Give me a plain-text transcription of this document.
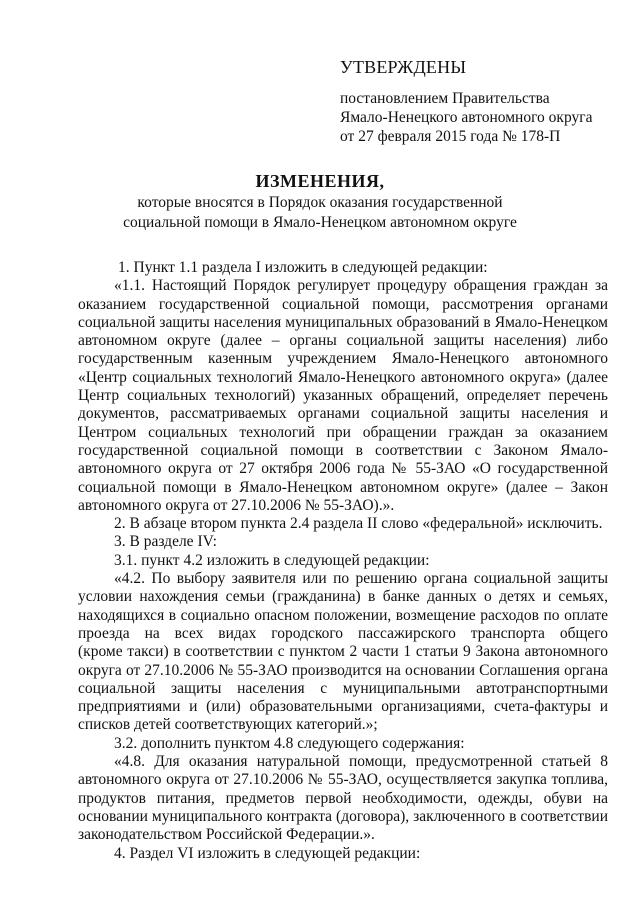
УТВЕРЖДЕНЫ
постановлением Правительства
Ямало-Ненецкого автономного округа
от 27 февраля 2015 года № 178-П
ИЗМЕНЕНИЯ,
которые вносятся в Порядок оказания государственной
социальной помощи в Ямало-Ненецком автономном округе
1. Пункт 1.1 раздела I изложить в следующей редакции:
«1.1. Настоящий Порядок регулирует процедуру обращения граждан за
оказанием государственной социальной помощи, рассмотрения органами
социальной защиты населения муниципальных образований в Ямало-Ненецком
автономном округе (далее – органы социальной защиты населения) либо
государственным казенным учреждением Ямало-Ненецкого автономного
«Центр социальных технологий Ямало-Ненецкого автономного округа» (далее
Центр социальных технологий) указанных обращений, определяет перечень
документов, рассматриваемых органами социальной защиты населения и
Центром социальных технологий при обращении граждан за оказанием
государственной социальной помощи в соответствии с Законом Ямало-
автономного округа от 27 октября 2006 года № 55-ЗАО «О государственной
социальной помощи в Ямало-Ненецком автономном округе» (далее – Закон
автономного округа от 27.10.2006 № 55-ЗАО).».
2. В абзаце втором пункта 2.4 раздела II слово «федеральной» исключить.
3. В разделе IV:
3.1. пункт 4.2 изложить в следующей редакции:
«4.2. По выбору заявителя или по решению органа социальной защиты
условии нахождения семьи (гражданина) в банке данных о детях и семьях,
находящихся в социально опасном положении, возмещение расходов по оплате
проезда на всех видах городского пассажирского транспорта общего
(кроме такси) в соответствии с пунктом 2 части 1 статьи 9 Закона автономного
округа от 27.10.2006 № 55-ЗАО производится на основании Соглашения органа
социальной защиты населения с муниципальными автотранспортными
предприятиями и (или) образовательными организациями, счета-фактуры и
списков детей соответствующих категорий.»;
3.2. дополнить пунктом 4.8 следующего содержания:
«4.8. Для оказания натуральной помощи, предусмотренной статьей 8
автономного округа от 27.10.2006 № 55-ЗАО, осуществляется закупка топлива,
продуктов питания, предметов первой необходимости, одежды, обуви на
основании муниципального контракта (договора), заключенного в соответствии
законодательством Российской Федерации.».
4. Раздел VI изложить в следующей редакции:
